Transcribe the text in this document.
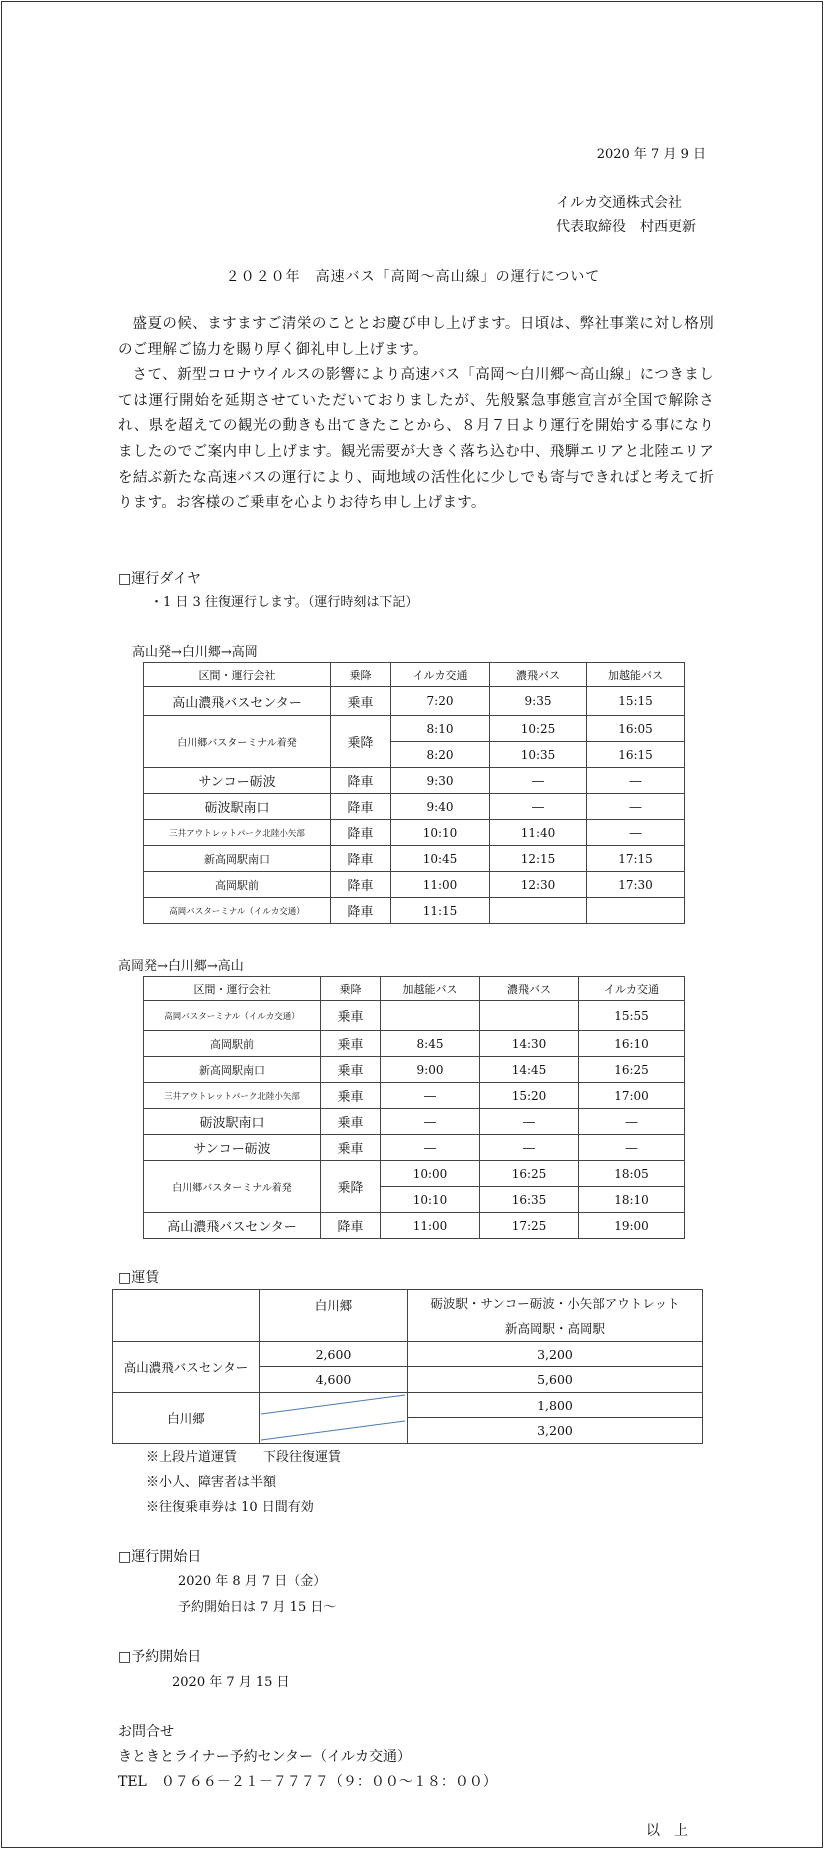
2020 年 7 月 9 日
イルカ交通株式会社
代表取締役　村西更新
２０２０年　高速バス「高岡～高山線」の運行について

盛夏の候、ますますご清栄のこととお慶び申し上げます。日頃は、弊社事業に対し格別のご理解ご協力を賜り厚く御礼申し上げます。

さて、新型コロナウイルスの影響により高速バス「高岡～白川郷～高山線」につきましては運行開始を延期させていただいておりましたが、先般緊急事態宣言が全国で解除され、県を超えての観光の動きも出てきたことから、８月７日より運行を開始する事になりましたのでご案内申し上げます。観光需要が大きく落ち込む中、飛騨エリアと北陸エリアを結ぶ新たな高速バスの運行により、両地域の活性化に少しでも寄与できればと考えて折ります。お客様のご乗車を心よりお待ち申し上げます。

□運行ダイヤ
・1 日 3 往復運行します。（運行時刻は下記）
高山発→白川郷→高岡
区間・運行会社	乗降	イルカ交通	濃飛バス	加越能バス
高山濃飛バスセンター	乗車	7:20	9:35	15:15
白川郷バスターミナル着発	乗降	8:10	10:25	16:05
		8:20	10:35	16:15
サンコー砺波	降車	9:30	―	―
砺波駅南口	降車	9:40	―	―
三井アウトレットパーク北陸小矢部	降車	10:10	11:40	―
新高岡駅南口	降車	10:45	12:15	17:15
高岡駅前	降車	11:00	12:30	17:30
高岡バスターミナル（イルカ交通）	降車	11:15		
高岡発→白川郷→高山
区間・運行会社	乗降	加越能バス	濃飛バス	イルカ交通
高岡バスターミナル（イルカ交通）	乗車			15:55
高岡駅前	乗車	8:45	14:30	16:10
新高岡駅南口	乗車	9:00	14:45	16:25
三井アウトレットパーク北陸小矢部	乗車	―	15:20	17:00
砺波駅南口	乗車	―	―	―
サンコー砺波	乗車	―	―	―
白川郷バスターミナル着発	乗降	10:00	16:25	18:05
		10:10	16:35	18:10
高山濃飛バスセンター	降車	11:00	17:25	19:00
□運賃
	白川郷	砺波駅・サンコー砺波・小矢部アウトレット
		新高岡駅・高岡駅
高山濃飛バスセンター	2,600	3,200
	4,600	5,600
白川郷		1,800
		3,200
※上段片道運賃　　下段往復運賃
※小人、障害者は半額
※往復乗車券は 10 日間有効
□運行開始日
2020 年 8 月 7 日（金）
予約開始日は 7 月 15 日～
□予約開始日
2020 年 7 月 15 日
お問合せ
きときとライナー予約センター（イルカ交通）
TEL　０７６６－２１－７７７７（９：００～１８：００）
以　上
